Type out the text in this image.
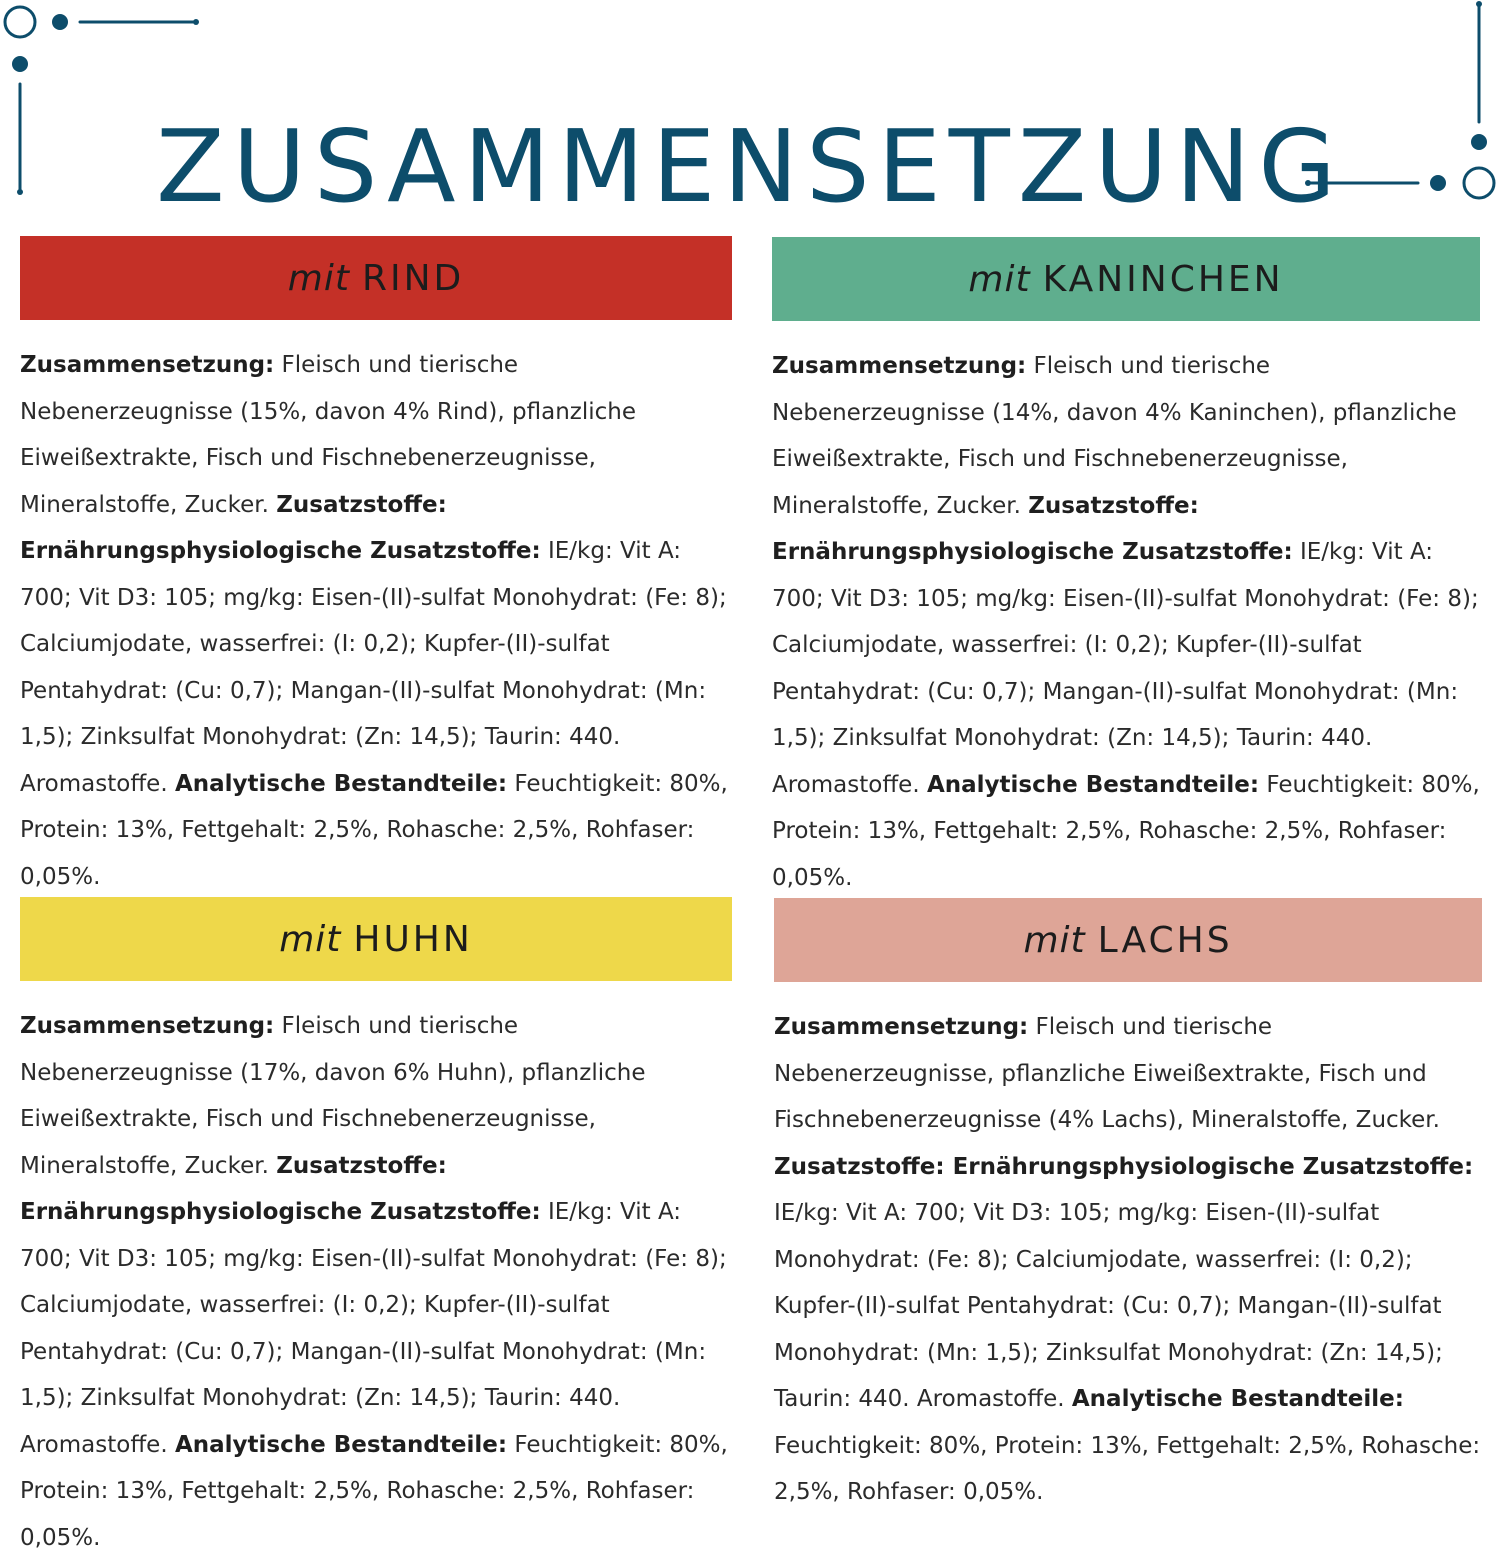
ZUSAMMENSETZUNG
mit RIND
Zusammensetzung: Fleisch und tierische Nebenerzeugnisse (15%, davon 4% Rind), pflanzliche Eiweißextrakte, Fisch und Fischnebenerzeugnisse, Mineralstoffe, Zucker. Zusatzstoffe: Ernährungsphysiologische Zusatzstoffe: IE/kg: Vit A: 700; Vit D3: 105; mg/kg: Eisen-(II)-sulfat Monohydrat: (Fe: 8); Calciumjodate, wasserfrei: (I: 0,2); Kupfer-(II)-sulfat Pentahydrat: (Cu: 0,7); Mangan-(II)-sulfat Monohydrat: (Mn: 1,5); Zinksulfat Monohydrat: (Zn: 14,5); Taurin: 440. Aromastoffe. Analytische Bestandteile: Feuchtigkeit: 80%, Protein: 13%, Fettgehalt: 2,5%, Rohasche: 2,5%, Rohfaser: 0,05%.
mit KANINCHEN
Zusammensetzung: Fleisch und tierische Nebenerzeugnisse (14%, davon 4% Kaninchen), pflanzliche Eiweißextrakte, Fisch und Fischnebenerzeugnisse, Mineralstoffe, Zucker. Zusatzstoffe: Ernährungsphysiologische Zusatzstoffe: IE/kg: Vit A: 700; Vit D3: 105; mg/kg: Eisen-(II)-sulfat Monohydrat: (Fe: 8); Calciumjodate, wasserfrei: (I: 0,2); Kupfer-(II)-sulfat Pentahydrat: (Cu: 0,7); Mangan-(II)-sulfat Monohydrat: (Mn: 1,5); Zinksulfat Monohydrat: (Zn: 14,5); Taurin: 440. Aromastoffe. Analytische Bestandteile: Feuchtigkeit: 80%, Protein: 13%, Fettgehalt: 2,5%, Rohasche: 2,5%, Rohfaser: 0,05%.
mit HUHN
Zusammensetzung: Fleisch und tierische Nebenerzeugnisse (17%, davon 6% Huhn), pflanzliche Eiweißextrakte, Fisch und Fischnebenerzeugnisse, Mineralstoffe, Zucker. Zusatzstoffe: Ernährungsphysiologische Zusatzstoffe: IE/kg: Vit A: 700; Vit D3: 105; mg/kg: Eisen-(II)-sulfat Monohydrat: (Fe: 8); Calciumjodate, wasserfrei: (I: 0,2); Kupfer-(II)-sulfat Pentahydrat: (Cu: 0,7); Mangan-(II)-sulfat Monohydrat: (Mn: 1,5); Zinksulfat Monohydrat: (Zn: 14,5); Taurin: 440. Aromastoffe. Analytische Bestandteile: Feuchtigkeit: 80%, Protein: 13%, Fettgehalt: 2,5%, Rohasche: 2,5%, Rohfaser: 0,05%.
mit LACHS
Zusammensetzung: Fleisch und tierische Nebenerzeugnisse, pflanzliche Eiweißextrakte, Fisch und Fischnebenerzeugnisse (4% Lachs), Mineralstoffe, Zucker. Zusatzstoffe: Ernährungsphysiologische Zusatzstoffe: IE/kg: Vit A: 700; Vit D3: 105; mg/kg: Eisen-(II)-sulfat Monohydrat: (Fe: 8); Calciumjodate, wasserfrei: (I: 0,2); Kupfer-(II)-sulfat Pentahydrat: (Cu: 0,7); Mangan-(II)-sulfat Monohydrat: (Mn: 1,5); Zinksulfat Monohydrat: (Zn: 14,5); Taurin: 440. Aromastoffe. Analytische Bestandteile: Feuchtigkeit: 80%, Protein: 13%, Fettgehalt: 2,5%, Rohasche: 2,5%, Rohfaser: 0,05%.
